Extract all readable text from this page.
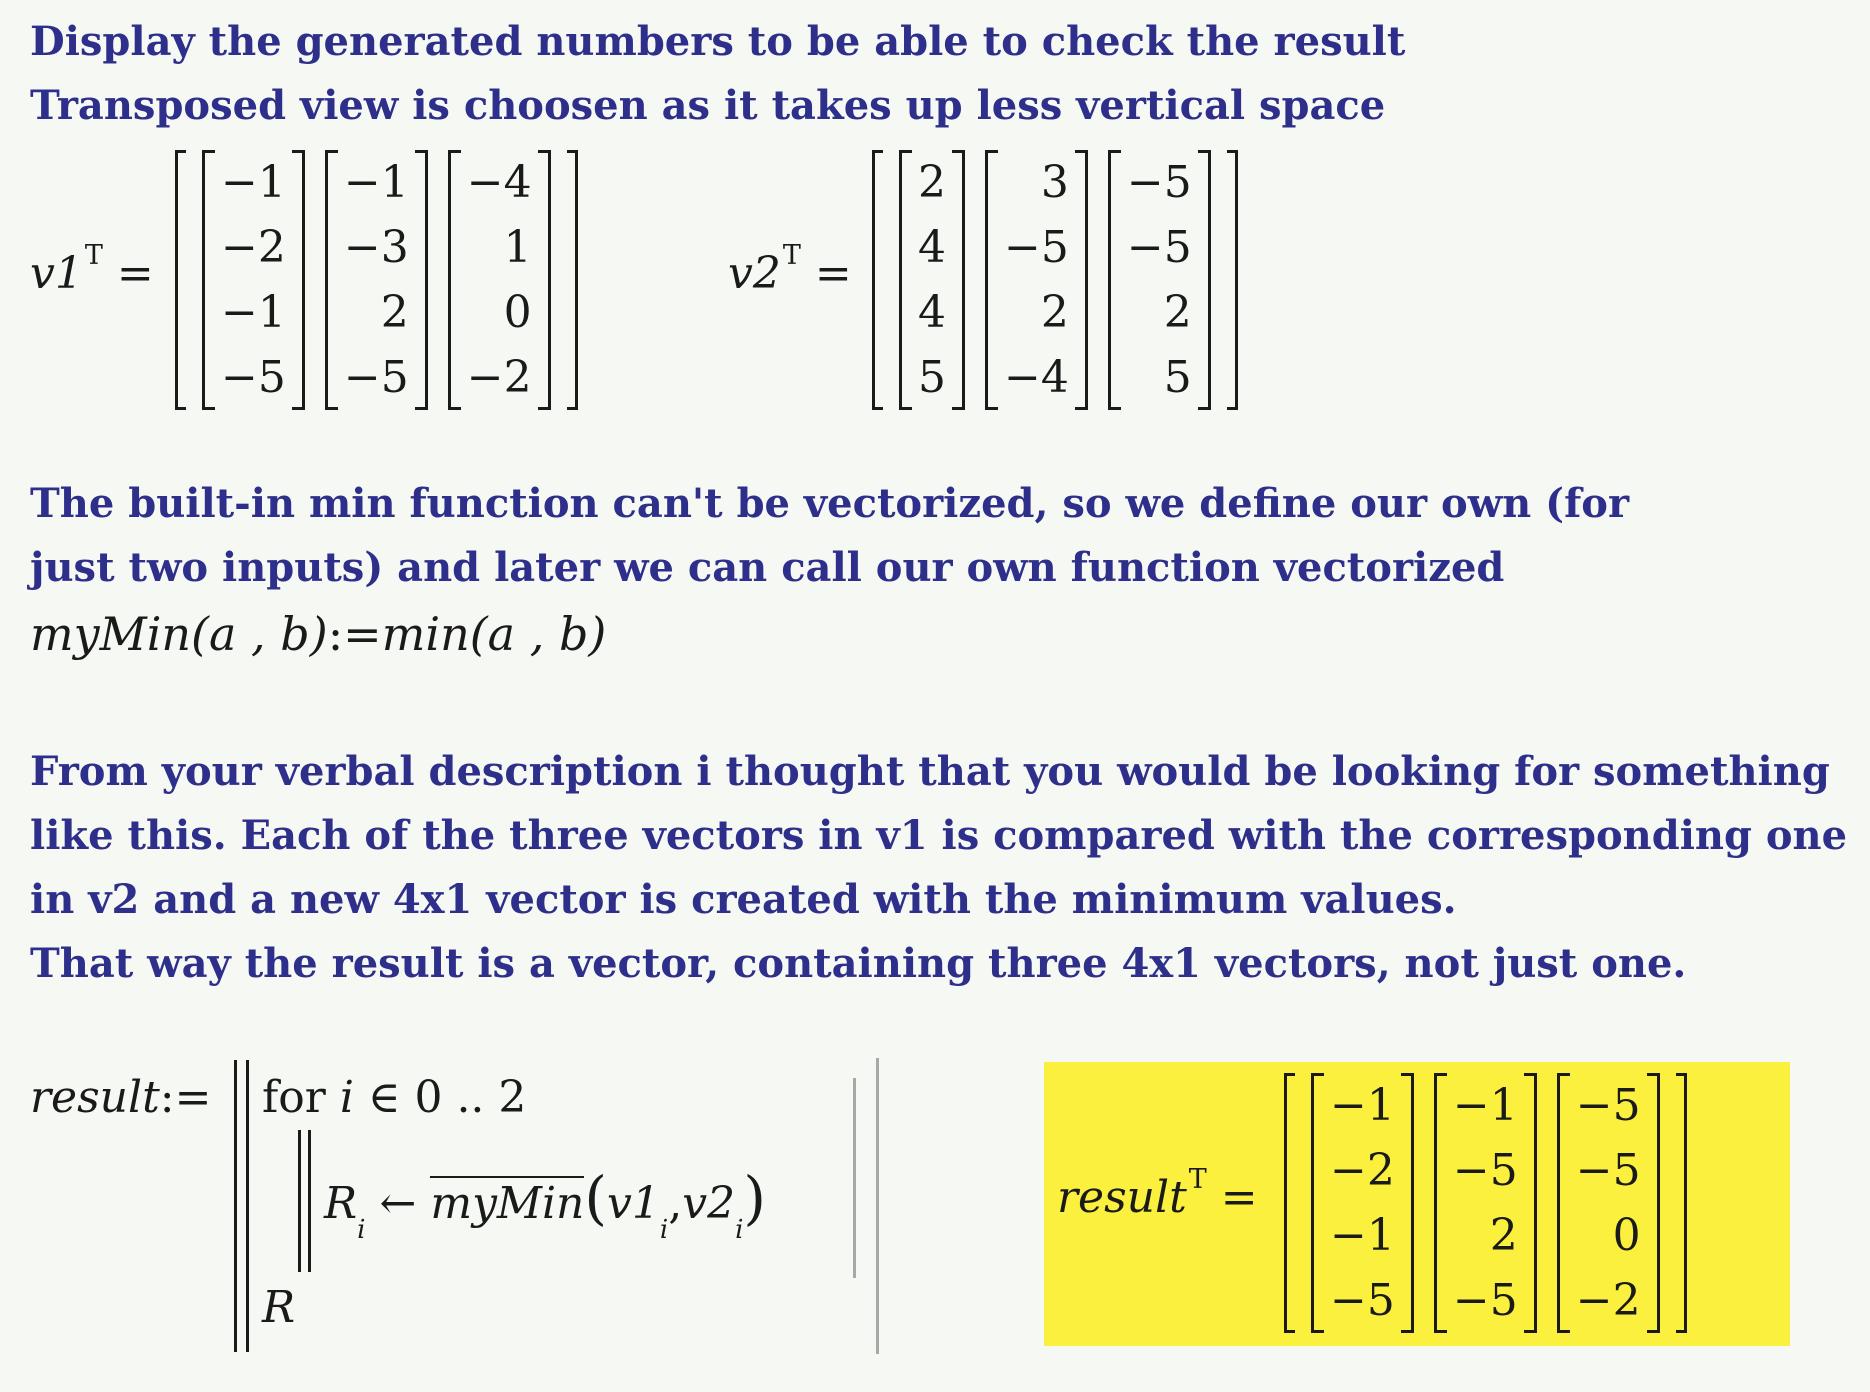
Display the generated numbers to be able to check the result
Transposed view is choosen as it takes up less vertical space
$v1^T$ =
−1
−2
−1
−5
−1
−3
2
−5
−4
1
0
−2
$v2^T$ =
2
4
4
5
3
−5
2
−4
−5
−5
2
5
The built-in min function can't be vectorized, so we define our own (for
just two inputs) and later we can call our own function vectorized
myMin(a , b):=min(a , b)
From your verbal description i thought that you would be looking for something
like this. Each of the three vectors in v1 is compared with the corresponding one
in v2 and a new 4x1 vector is created with the minimum values.
That way the result is a vector, containing three 4x1 vectors, not just one.
result:= for i ∈ 0 .. 2
$R_i$ ← $myMin(v1_i,v2_i)$
R
result$^T$ =
−1
−2
−1
−5
−1
−5
2
−5
−5
−5
0
−2
